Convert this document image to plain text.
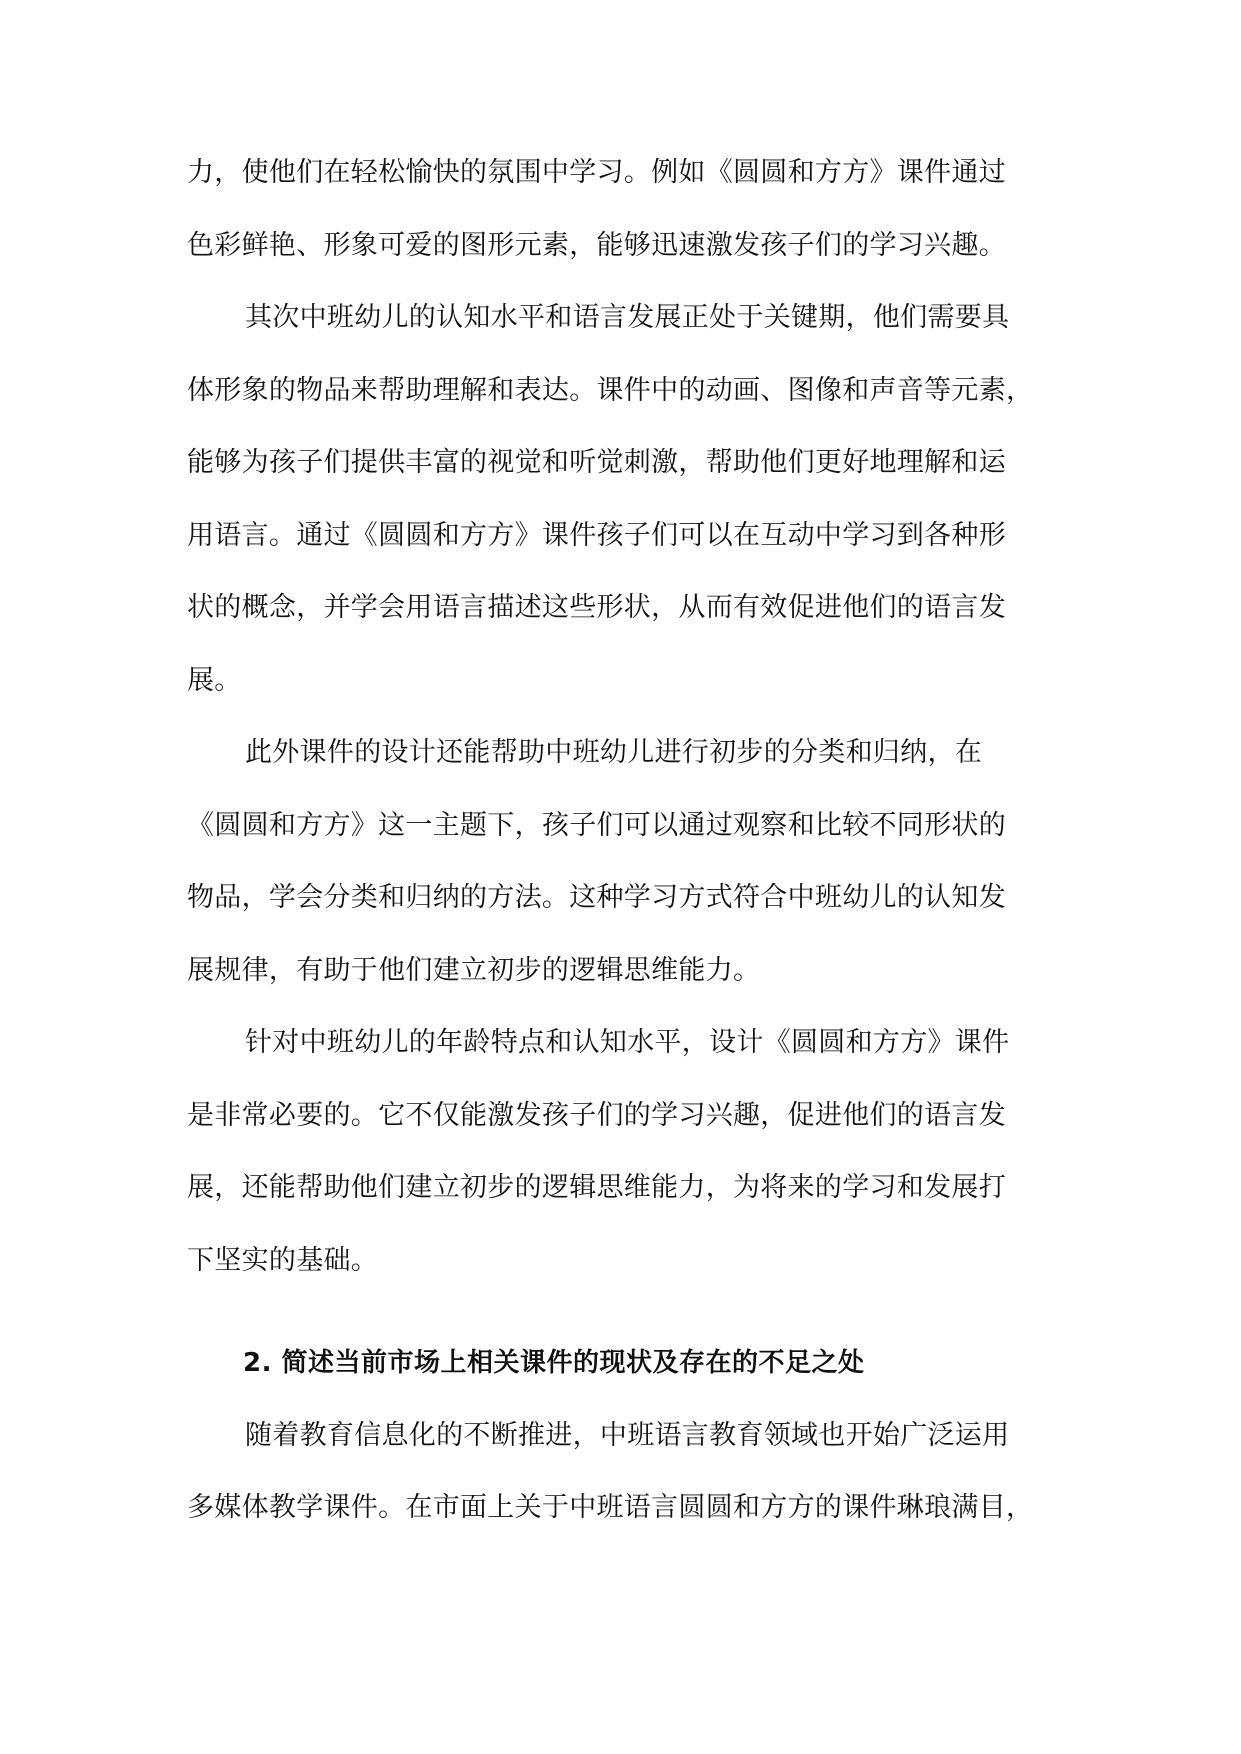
力，使他们在轻松愉快的氛围中学习。例如《圆圆和方方》课件通过
色彩鲜艳、形象可爱的图形元素，能够迅速激发孩子们的学习兴趣。
其次中班幼儿的认知水平和语言发展正处于关键期，他们需要具
体形象的物品来帮助理解和表达。课件中的动画、图像和声音等元素，
能够为孩子们提供丰富的视觉和听觉刺激，帮助他们更好地理解和运
用语言。通过《圆圆和方方》课件孩子们可以在互动中学习到各种形
状的概念，并学会用语言描述这些形状，从而有效促进他们的语言发
展。
此外课件的设计还能帮助中班幼儿进行初步的分类和归纳，在
《圆圆和方方》这一主题下，孩子们可以通过观察和比较不同形状的
物品，学会分类和归纳的方法。这种学习方式符合中班幼儿的认知发
展规律，有助于他们建立初步的逻辑思维能力。
针对中班幼儿的年龄特点和认知水平，设计《圆圆和方方》课件
是非常必要的。它不仅能激发孩子们的学习兴趣，促进他们的语言发
展，还能帮助他们建立初步的逻辑思维能力，为将来的学习和发展打
下坚实的基础。
2. 简述当前市场上相关课件的现状及存在的不足之处
随着教育信息化的不断推进，中班语言教育领域也开始广泛运用
多媒体教学课件。在市面上关于中班语言圆圆和方方的课件琳琅满目，
